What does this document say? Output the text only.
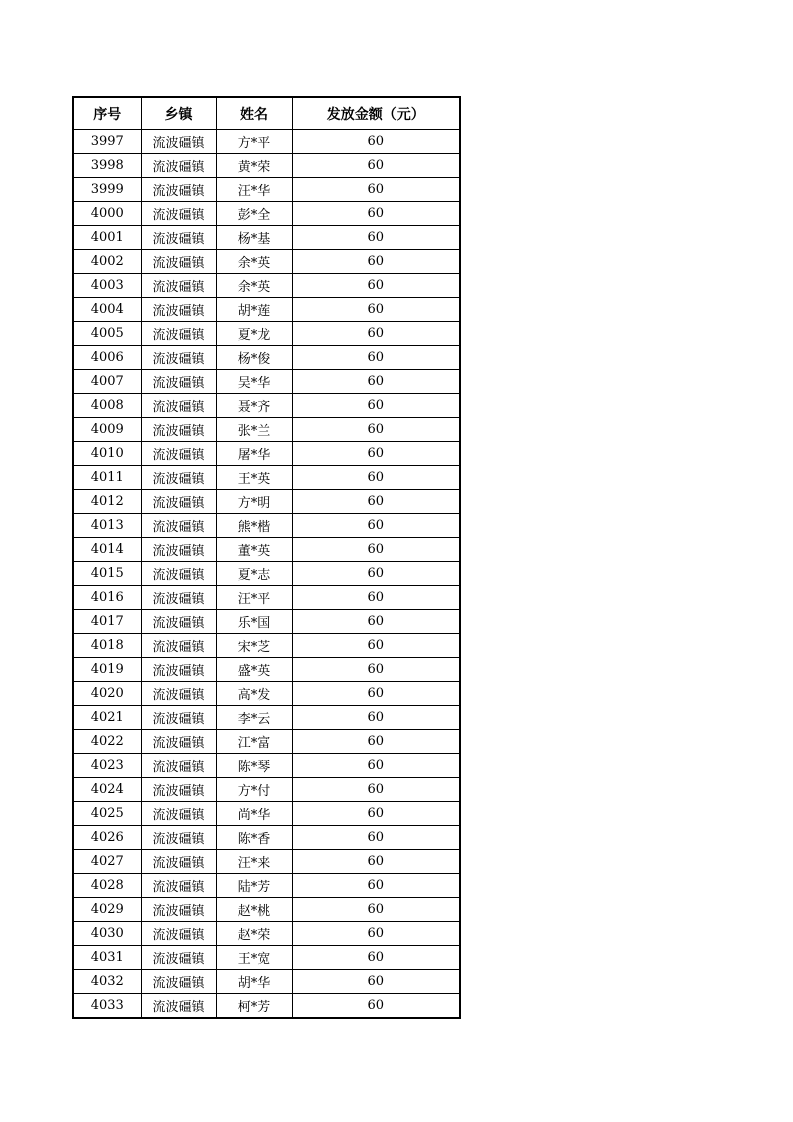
序号	乡镇	姓名	发放金额（元）
3997	流波礓镇	方*平	60
3998	流波礓镇	黄*荣	60
3999	流波礓镇	汪*华	60
4000	流波礓镇	彭*全	60
4001	流波礓镇	杨*基	60
4002	流波礓镇	余*英	60
4003	流波礓镇	余*英	60
4004	流波礓镇	胡*莲	60
4005	流波礓镇	夏*龙	60
4006	流波礓镇	杨*俊	60
4007	流波礓镇	吴*华	60
4008	流波礓镇	聂*齐	60
4009	流波礓镇	张*兰	60
4010	流波礓镇	屠*华	60
4011	流波礓镇	王*英	60
4012	流波礓镇	方*明	60
4013	流波礓镇	熊*楷	60
4014	流波礓镇	董*英	60
4015	流波礓镇	夏*志	60
4016	流波礓镇	汪*平	60
4017	流波礓镇	乐*国	60
4018	流波礓镇	宋*芝	60
4019	流波礓镇	盛*英	60
4020	流波礓镇	高*发	60
4021	流波礓镇	李*云	60
4022	流波礓镇	江*富	60
4023	流波礓镇	陈*琴	60
4024	流波礓镇	方*付	60
4025	流波礓镇	尚*华	60
4026	流波礓镇	陈*香	60
4027	流波礓镇	汪*来	60
4028	流波礓镇	陆*芳	60
4029	流波礓镇	赵*桃	60
4030	流波礓镇	赵*荣	60
4031	流波礓镇	王*宽	60
4032	流波礓镇	胡*华	60
4033	流波礓镇	柯*芳	60
